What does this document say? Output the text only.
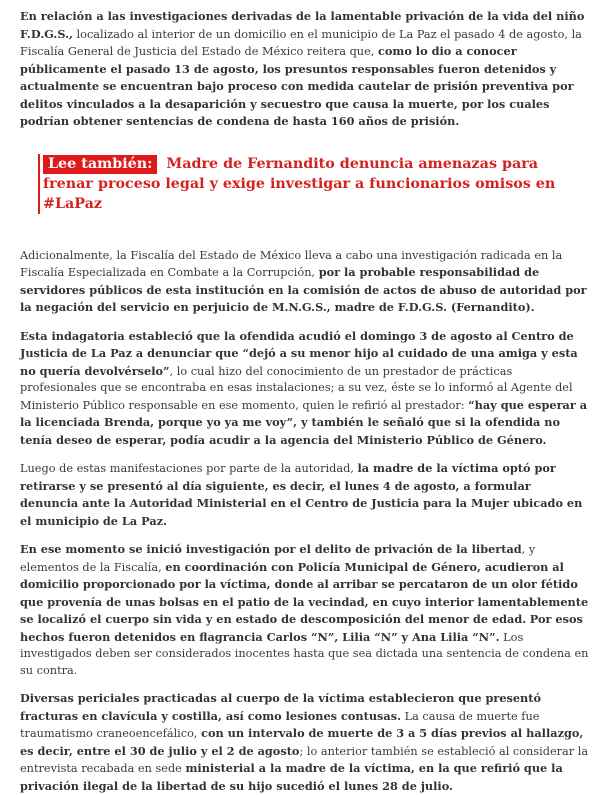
En relación a las investigaciones derivadas de la lamentable privación de la vida del niño F.D.G.S., localizado al interior de un domicilio en el municipio de La Paz el pasado 4 de agosto, la Fiscalía General de Justicia del Estado de México reitera que, como lo dio a conocer públicamente el pasado 13 de agosto, los presuntos responsables fueron detenidos y actualmente se encuentran bajo proceso con medida cautelar de prisión preventiva por delitos vinculados a la desaparición y secuestro que causa la muerte, por los cuales podrían obtener sentencias de condena de hasta 160 años de prisión.

Lee también: Madre de Fernandito denuncia amenazas para frenar proceso legal y exige investigar a funcionarios omisos en #LaPaz

Adicionalmente, la Fiscalía del Estado de México lleva a cabo una investigación radicada en la Fiscalía Especializada en Combate a la Corrupción, por la probable responsabilidad de servidores públicos de esta institución en la comisión de actos de abuso de autoridad por la negación del servicio en perjuicio de M.N.G.S., madre de F.D.G.S. (Fernandito).

Esta indagatoria estableció que la ofendida acudió el domingo 3 de agosto al Centro de Justicia de La Paz a denunciar que “dejó a su menor hijo al cuidado de una amiga y esta no quería devolvérselo”, lo cual hizo del conocimiento de un prestador de prácticas profesionales que se encontraba en esas instalaciones; a su vez, éste se lo informó al Agente del Ministerio Público responsable en ese momento, quien le refirió al prestador: “hay que esperar a la licenciada Brenda, porque yo ya me voy”, y también le señaló que si la ofendida no tenía deseo de esperar, podía acudir a la agencia del Ministerio Público de Género.

Luego de estas manifestaciones por parte de la autoridad, la madre de la víctima optó por retirarse y se presentó al día siguiente, es decir, el lunes 4 de agosto, a formular denuncia ante la Autoridad Ministerial en el Centro de Justicia para la Mujer ubicado en el municipio de La Paz.

En ese momento se inició investigación por el delito de privación de la libertad, y elementos de la Fiscalía, en coordinación con Policía Municipal de Género, acudieron al domicilio proporcionado por la víctima, donde al arribar se percataron de un olor fétido que provenía de unas bolsas en el patio de la vecindad, en cuyo interior lamentablemente se localizó el cuerpo sin vida y en estado de descomposición del menor de edad. Por esos hechos fueron detenidos en flagrancia Carlos “N”, Lilia “N” y Ana Lilia “N”. Los investigados deben ser considerados inocentes hasta que sea dictada una sentencia de condena en su contra.

Diversas periciales practicadas al cuerpo de la víctima establecieron que presentó fracturas en clavícula y costilla, así como lesiones contusas. La causa de muerte fue traumatismo craneoencefálico, con un intervalo de muerte de 3 a 5 días previos al hallazgo, es decir, entre el 30 de julio y el 2 de agosto; lo anterior también se estableció al considerar la entrevista recabada en sede ministerial a la madre de la víctima, en la que refirió que la privación ilegal de la libertad de su hijo sucedió el lunes 28 de julio.
